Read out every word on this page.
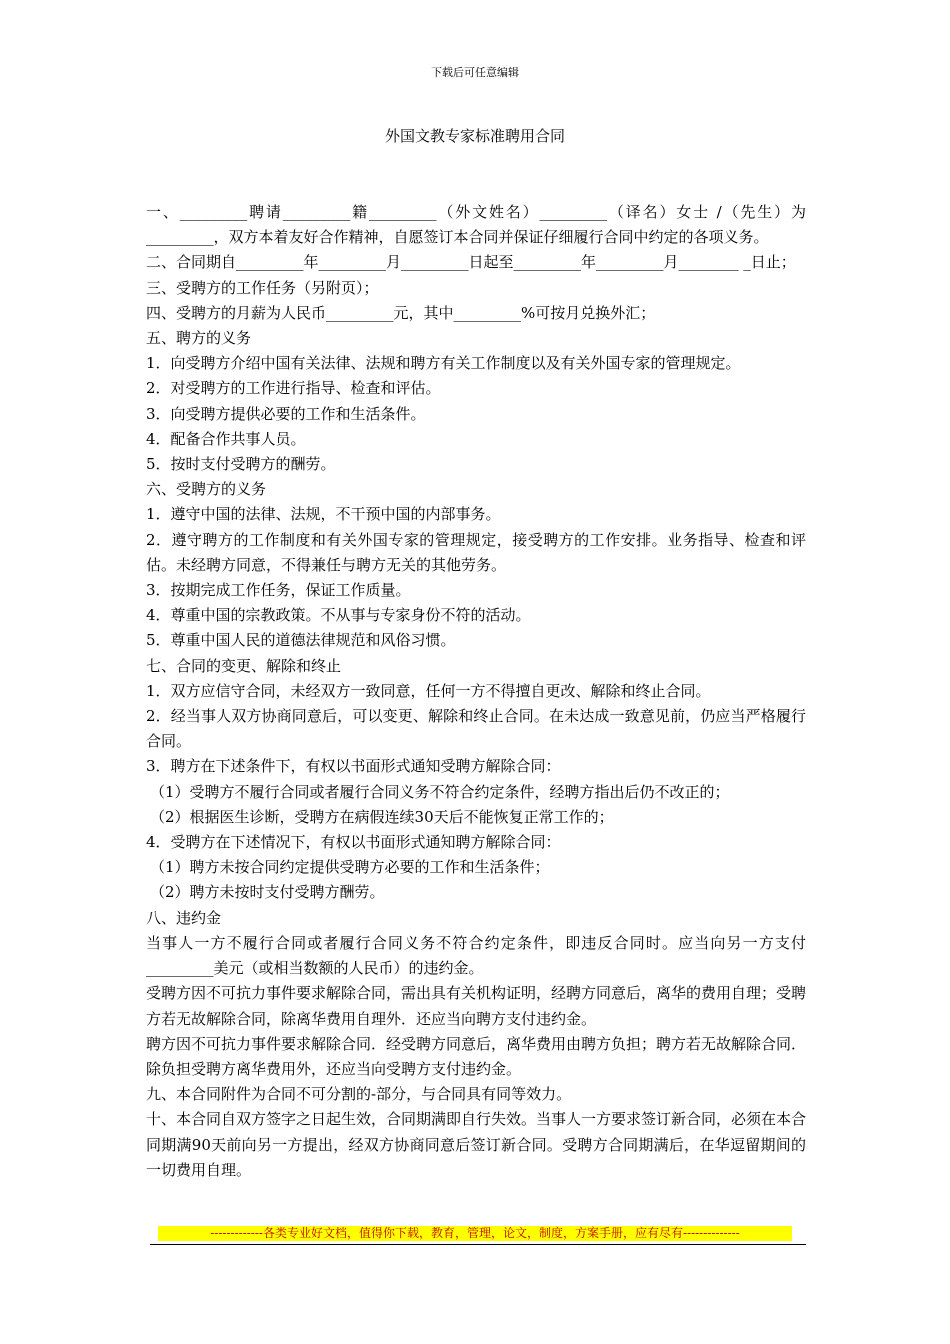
下载后可任意编辑
外国文教专家标准聘用合同

一、_________聘请_________籍_________（外文姓名）_________（译名）女士 /（先生）为_________，双方本着友好合作精神，自愿签订本合同并保证仔细履行合同中约定的各项义务。

二、合同期自_________年_________月_________日起至_________年_________月________ _日止；

三、受聘方的工作任务（另附页）；

四、受聘方的月薪为人民币_________元，其中_________%可按月兑换外汇；

五、聘方的义务

1．向受聘方介绍中国有关法律、法规和聘方有关工作制度以及有关外国专家的管理规定。

2．对受聘方的工作进行指导、检查和评估。

3．向受聘方提供必要的工作和生活条件。

4．配备合作共事人员。

5．按时支付受聘方的酬劳。

六、受聘方的义务

1．遵守中国的法律、法规，不干预中国的内部事务。

2．遵守聘方的工作制度和有关外国专家的管理规定，接受聘方的工作安排。业务指导、检查和评估。未经聘方同意，不得兼任与聘方无关的其他劳务。

3．按期完成工作任务，保证工作质量。

4．尊重中国的宗教政策。不从事与专家身份不符的活动。

5．尊重中国人民的道德法律规范和风俗习惯。

七、合同的变更、解除和终止

1．双方应信守合同，未经双方一致同意，任何一方不得擅自更改、解除和终止合同。

2．经当事人双方协商同意后，可以变更、解除和终止合同。在未达成一致意见前，仍应当严格履行合同。

3．聘方在下述条件下，有权以书面形式通知受聘方解除合同：

（1）受聘方不履行合同或者履行合同义务不符合约定条件，经聘方指出后仍不改正的；

（2）根据医生诊断，受聘方在病假连续30天后不能恢复正常工作的；

4．受聘方在下述情况下，有权以书面形式通知聘方解除合同：

（1）聘方未按合同约定提供受聘方必要的工作和生活条件；

（2）聘方未按时支付受聘方酬劳。

八、违约金

当事人一方不履行合同或者履行合同义务不符合约定条件，即违反合同时。应当向另一方支付_________美元（或相当数额的人民币）的违约金。

受聘方因不可抗力事件要求解除合同，需出具有关机构证明，经聘方同意后，离华的费用自理；受聘方若无故解除合同，除离华费用自理外．还应当向聘方支付违约金。

聘方因不可抗力事件要求解除合同．经受聘方同意后，离华费用由聘方负担；聘方若无故解除合同．除负担受聘方离华费用外，还应当向受聘方支付违约金。

九、本合同附件为合同不可分割的-部分，与合同具有同等效力。

十、本合同自双方签字之日起生效，合同期满即自行失效。当事人一方要求签订新合同，必须在本合同期满90天前向另一方提出，经双方协商同意后签订新合同。受聘方合同期满后，在华逗留期间的一切费用自理。

-------------各类专业好文档，值得你下载，教育，管理，论文，制度，方案手册，应有尽有--------------
